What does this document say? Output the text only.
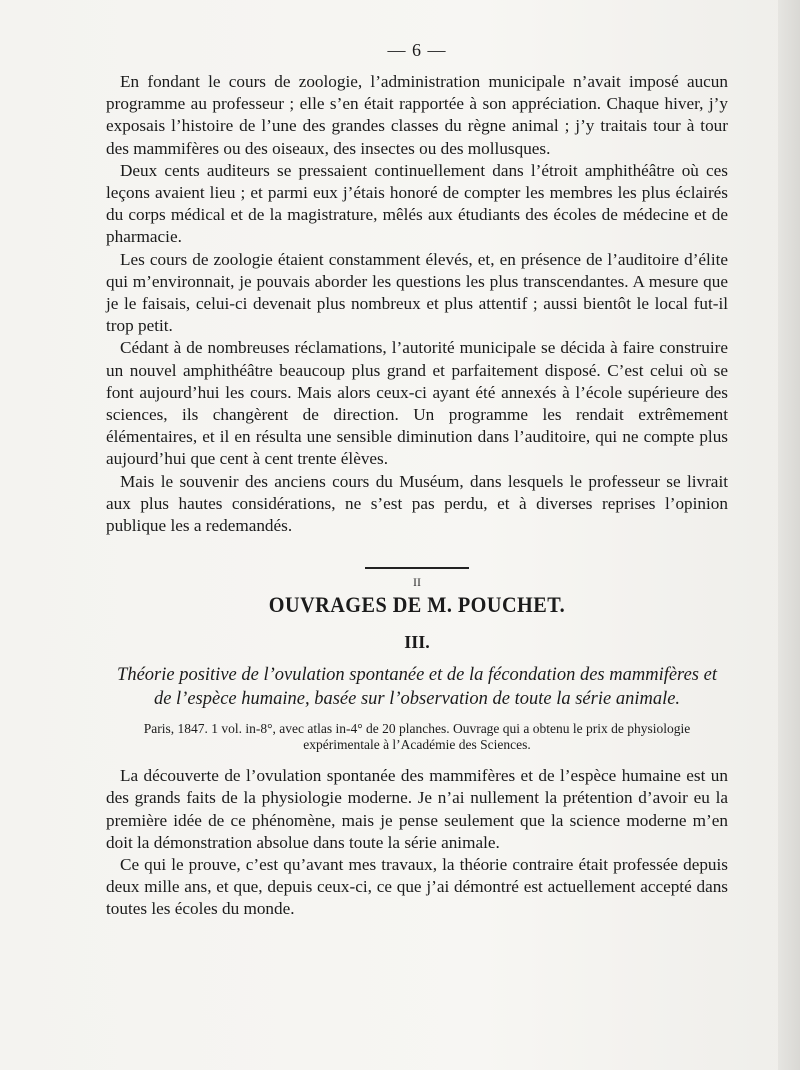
— 6 —

En fondant le cours de zoologie, l’administration municipale n’avait imposé aucun programme au professeur ; elle s’en était rapportée à son appréciation. Chaque hiver, j’y exposais l’histoire de l’une des grandes classes du règne animal ; j’y traitais tour à tour des mammifères ou des oiseaux, des insectes ou des mollusques.

Deux cents auditeurs se pressaient continuellement dans l’étroit amphithéâtre où ces leçons avaient lieu ; et parmi eux j’étais honoré de compter les membres les plus éclairés du corps médical et de la magistrature, mêlés aux étudiants des écoles de médecine et de pharmacie.

Les cours de zoologie étaient constamment élevés, et, en présence de l’auditoire d’élite qui m’environnait, je pouvais aborder les questions les plus transcendantes. A mesure que je le faisais, celui-ci devenait plus nombreux et plus attentif ; aussi bientôt le local fut-il trop petit.

Cédant à de nombreuses réclamations, l’autorité municipale se décida à faire construire un nouvel amphithéâtre beaucoup plus grand et parfaitement disposé. C’est celui où se font aujourd’hui les cours. Mais alors ceux-ci ayant été annexés à l’école supérieure des sciences, ils changèrent de direction. Un programme les rendait extrêmement élémentaires, et il en résulta une sensible diminution dans l’auditoire, qui ne compte plus aujourd’hui que cent à cent trente élèves.

Mais le souvenir des anciens cours du Muséum, dans lesquels le professeur se livrait aux plus hautes considérations, ne s’est pas perdu, et à diverses reprises l’opinion publique les a redemandés.

II
OUVRAGES DE M. POUCHET.
III.
Théorie positive de l’ovulation spontanée et de la fécondation des mammifères et
de l’espèce humaine, basée sur l’observation de toute la série animale.
Paris, 1847. 1 vol. in-8°, avec atlas in-4° de 20 planches. Ouvrage qui a obtenu le prix de physiologie
expérimentale à l’Académie des Sciences.

La découverte de l’ovulation spontanée des mammifères et de l’espèce humaine est un des grands faits de la physiologie moderne. Je n’ai nullement la prétention d’avoir eu la première idée de ce phénomène, mais je pense seulement que la science moderne m’en doit la démonstration absolue dans toute la série animale.

Ce qui le prouve, c’est qu’avant mes travaux, la théorie contraire était professée depuis deux mille ans, et que, depuis ceux-ci, ce que j’ai démontré est actuellement accepté dans toutes les écoles du monde.
